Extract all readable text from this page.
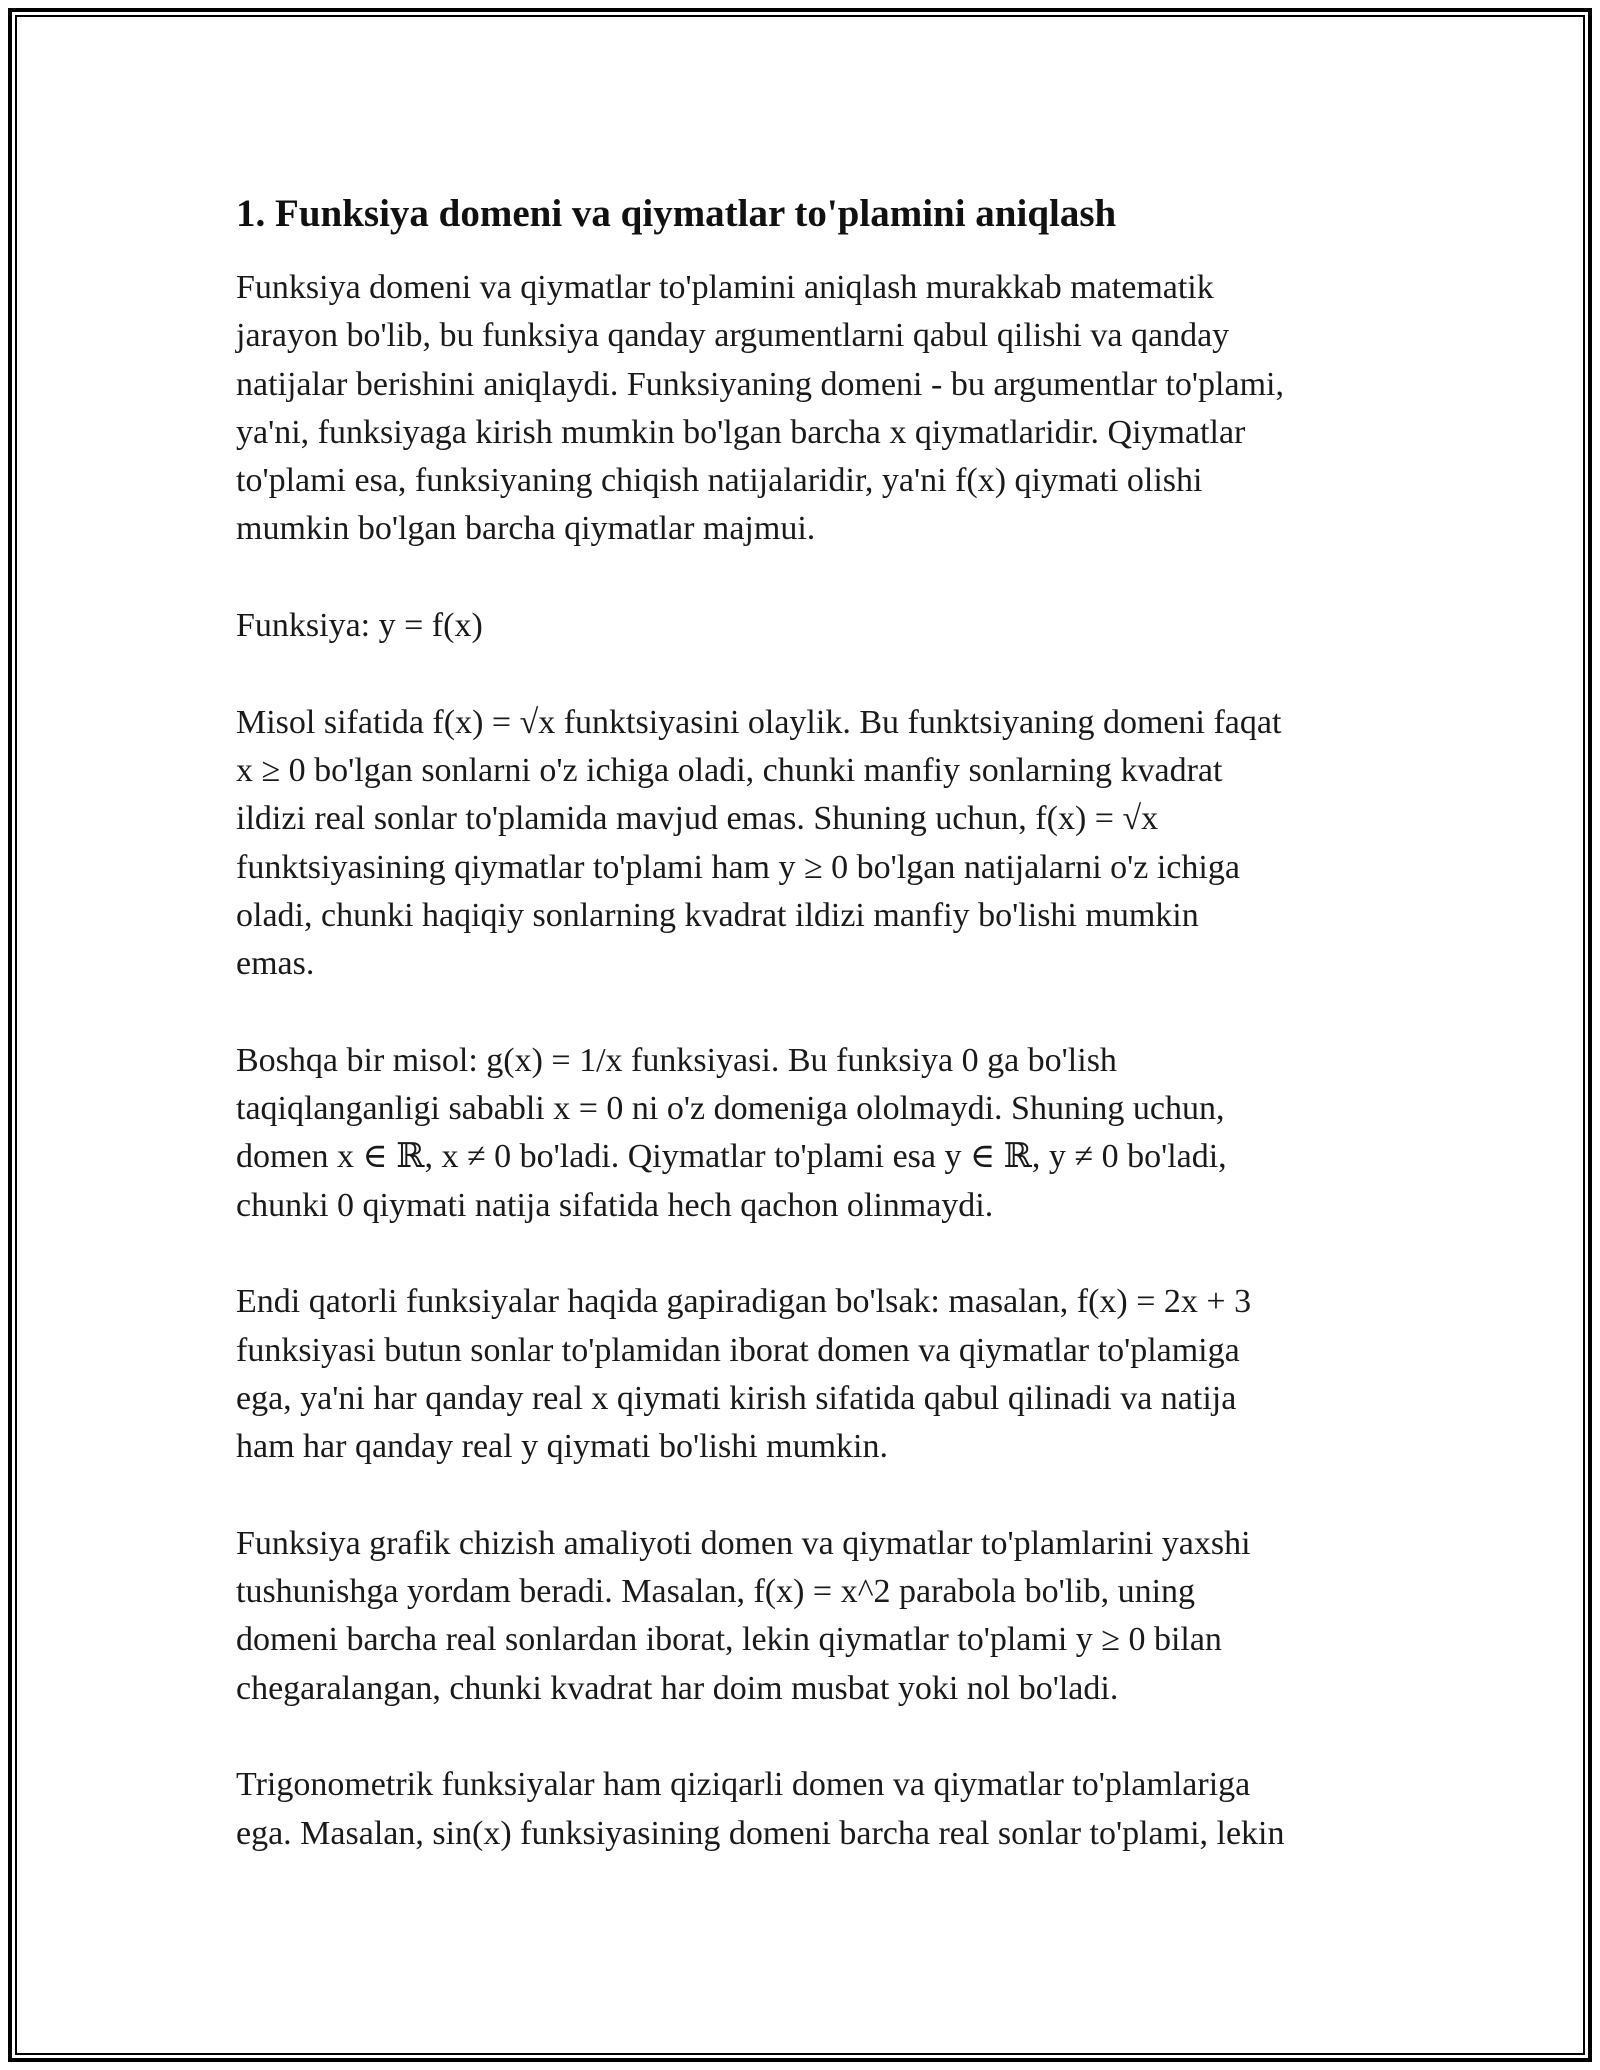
1. Funksiya domeni va qiymatlar to'plamini aniqlash

Funksiya domeni va qiymatlar to'plamini aniqlash murakkab matematik
jarayon bo'lib, bu funksiya qanday argumentlarni qabul qilishi va qanday
natijalar berishini aniqlaydi. Funksiyaning domeni - bu argumentlar to'plami,
ya'ni, funksiyaga kirish mumkin bo'lgan barcha x qiymatlaridir. Qiymatlar
to'plami esa, funksiyaning chiqish natijalaridir, ya'ni f(x) qiymati olishi
mumkin bo'lgan barcha qiymatlar majmui.

Funksiya: y = f(x)

Misol sifatida f(x) = √x funktsiyasini olaylik. Bu funktsiyaning domeni faqat
x ≥ 0 bo'lgan sonlarni o'z ichiga oladi, chunki manfiy sonlarning kvadrat
ildizi real sonlar to'plamida mavjud emas. Shuning uchun, f(x) = √x
funktsiyasining qiymatlar to'plami ham y ≥ 0 bo'lgan natijalarni o'z ichiga
oladi, chunki haqiqiy sonlarning kvadrat ildizi manfiy bo'lishi mumkin
emas.

Boshqa bir misol: g(x) = 1/x funksiyasi. Bu funksiya 0 ga bo'lish
taqiqlanganligi sababli x = 0 ni o'z domeniga ololmaydi. Shuning uchun,
domen x ∈ ℝ, x ≠ 0 bo'ladi. Qiymatlar to'plami esa y ∈ ℝ, y ≠ 0 bo'ladi,
chunki 0 qiymati natija sifatida hech qachon olinmaydi.

Endi qatorli funksiyalar haqida gapiradigan bo'lsak: masalan, f(x) = 2x + 3
funksiyasi butun sonlar to'plamidan iborat domen va qiymatlar to'plamiga
ega, ya'ni har qanday real x qiymati kirish sifatida qabul qilinadi va natija
ham har qanday real y qiymati bo'lishi mumkin.

Funksiya grafik chizish amaliyoti domen va qiymatlar to'plamlarini yaxshi
tushunishga yordam beradi. Masalan, f(x) = x^2 parabola bo'lib, uning
domeni barcha real sonlardan iborat, lekin qiymatlar to'plami y ≥ 0 bilan
chegaralangan, chunki kvadrat har doim musbat yoki nol bo'ladi.

Trigonometrik funksiyalar ham qiziqarli domen va qiymatlar to'plamlariga
ega. Masalan, sin(x) funksiyasining domeni barcha real sonlar to'plami, lekin
